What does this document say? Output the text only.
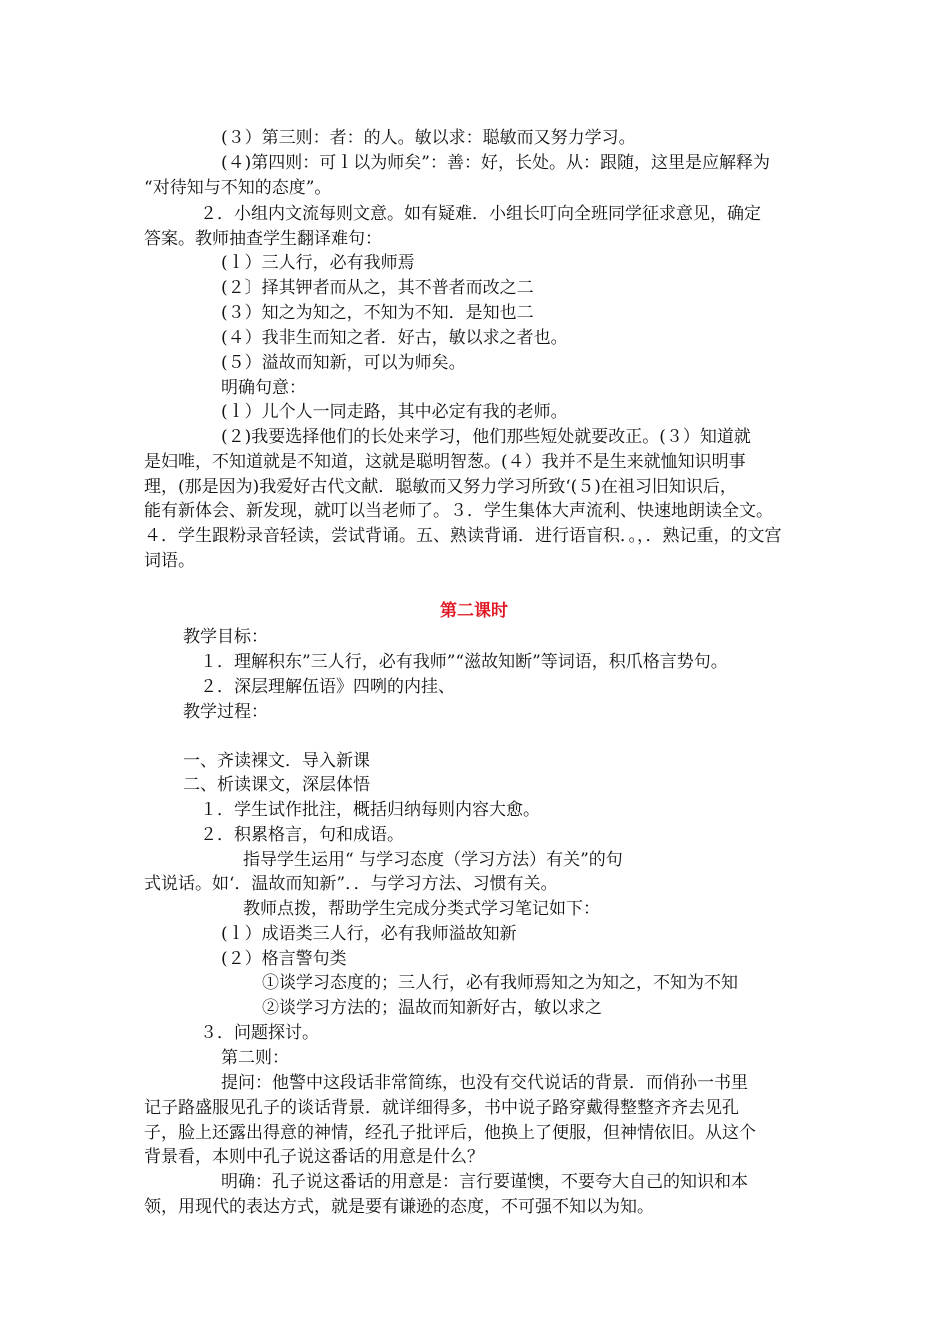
(３）第三则：者：的人。敏以求：聪敏而又努力学习。
(４)第四则：可ｌ以为师矣”：善：好，长处。从：跟随，这里是应解释为
“对待知与不知的态度”。
２．小组内文流每则文意。如有疑难．小组长叮向全班同学征求意见，确定
答案。教师抽查学生翻译难句：
(ｌ）三人行，必有我师焉
(２〕择其钾者而从之，其不普者而改之二
(３）知之为知之，不知为不知．是知也二
(４）我非生而知之者．好古，敏以求之者也。
(５）溢故而知新，可以为师矣。
明确句意：
(ｌ）儿个人一同走路，其中必定有我的老师。
(２)我要选择他们的长处来学习，他们那些短处就要改正。(３）知道就
是妇唯，不知道就是不知道，这就是聪明智葱。(４）我并不是生来就恤知识明事
理，(那是因为)我爱好古代文献．聪敏而又努力学习所致‘(５)在祖习旧知识后，
能有新体会、新发现，就叮以当老师了。３．学生集体大声流利、快速地朗读全文。
４．学生跟粉录音轻读，尝试背诵。五、熟读背诵．进行语盲积．。，．熟记重，的文宫
词语。
第二课时
教学目标：
１．理解积东”三人行，必有我师”“滋故知断”等词语，积爪格言势句。
２．深层理解伍语》四咧的内挂、
教学过程：
一、齐读裸文．导入新课
二、析读课文，深层体悟
１．学生试作批注，概括归纳每则内容大愈。
２．积累格言，句和成语。
指导学生运用“ 与学习态度（学习方法）有关”的句
式说话。如‘．温故而知新”．．与学习方法、习惯有关。
教师点拨，帮助学生完成分类式学习笔记如下：
(ｌ）成语类三人行，必有我师溢故知新
(２）格言警句类
①谈学习态度的；三人行，必有我师焉知之为知之，不知为不知
②谈学习方法的；温故而知新好古，敏以求之
３．问题探讨。
第二则：
提问：他警中这段话非常简练，也没有交代说话的背景．而俏孙一书里
记子路盛服见孔子的谈话背景．就详细得多，书中说子路穿戴得整整齐齐去见孔
子，脸上还露出得意的神情，经孔子批评后，他换上了便服，但神情依旧。从这个
背景看，本则中孔子说这番话的用意是什么？
明确：孔子说这番话的用意是：言行要谨懊，不要夸大自己的知识和本
领，用现代的表达方式，就是要有谦逊的态度，不可强不知以为知。
